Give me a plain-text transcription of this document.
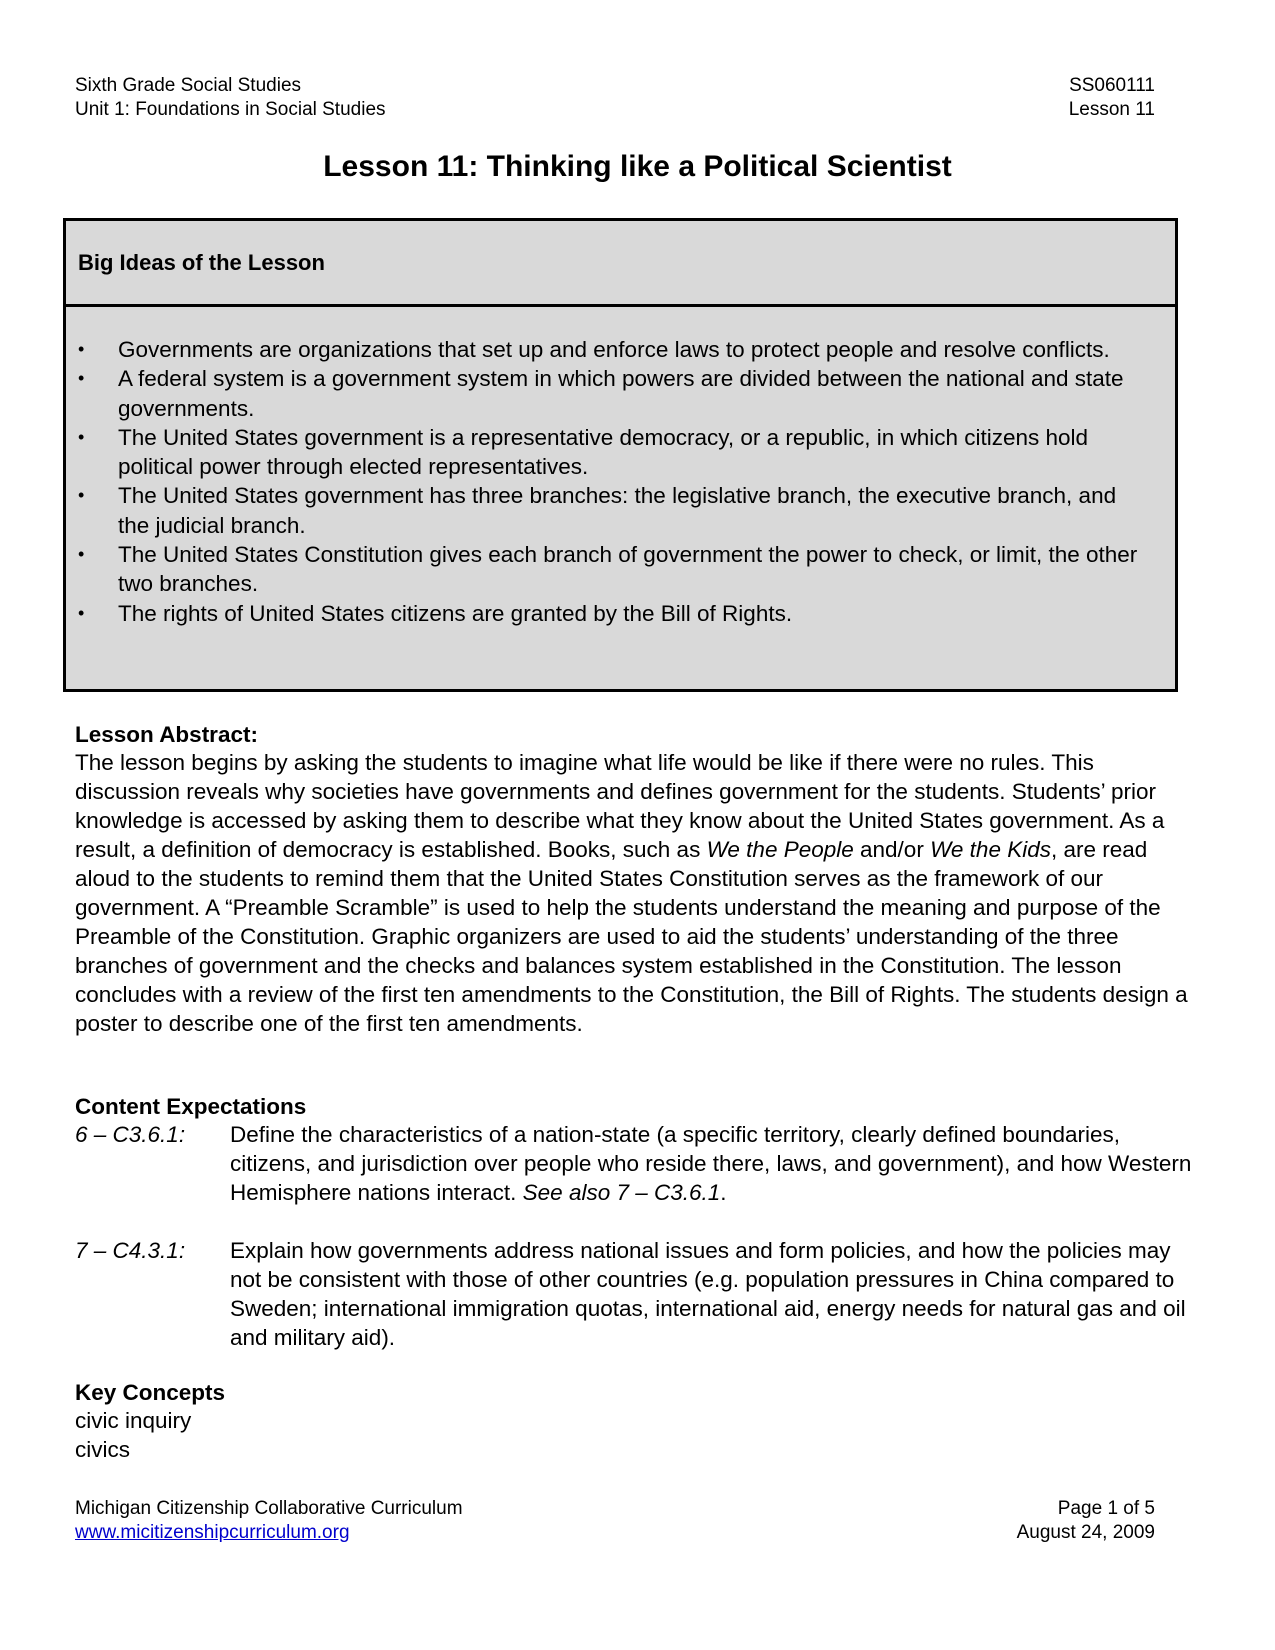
Sixth Grade Social Studies
Unit 1: Foundations in Social Studies
SS060111
Lesson 11
Lesson 11: Thinking like a Political Scientist
Big Ideas of the Lesson
• Governments are organizations that set up and enforce laws to protect people and resolve conflicts.
• A federal system is a government system in which powers are divided between the national and state governments.
• The United States government is a representative democracy, or a republic, in which citizens hold political power through elected representatives.
• The United States government has three branches: the legislative branch, the executive branch, and the judicial branch.
• The United States Constitution gives each branch of government the power to check, or limit, the other two branches.
• The rights of United States citizens are granted by the Bill of Rights.
Lesson Abstract:
The lesson begins by asking the students to imagine what life would be like if there were no rules. This discussion reveals why societies have governments and defines government for the students. Students’ prior knowledge is accessed by asking them to describe what they know about the United States government. As a result, a definition of democracy is established. Books, such as We the People and/or We the Kids, are read aloud to the students to remind them that the United States Constitution serves as the framework of our government. A “Preamble Scramble” is used to help the students understand the meaning and purpose of the Preamble of the Constitution. Graphic organizers are used to aid the students’ understanding of the three branches of government and the checks and balances system established in the Constitution. The lesson concludes with a review of the first ten amendments to the Constitution, the Bill of Rights. The students design a poster to describe one of the first ten amendments.
Content Expectations
6 – C3.6.1:	Define the characteristics of a nation-state (a specific territory, clearly defined boundaries, citizens, and jurisdiction over people who reside there, laws, and government), and how Western Hemisphere nations interact. See also 7 – C3.6.1.
7 – C4.3.1:	Explain how governments address national issues and form policies, and how the policies may not be consistent with those of other countries (e.g. population pressures in China compared to Sweden; international immigration quotas, international aid, energy needs for natural gas and oil and military aid).
Key Concepts
civic inquiry
civics
Michigan Citizenship Collaborative Curriculum
www.micitizenshipcurriculum.org
Page 1 of 5
August 24, 2009
